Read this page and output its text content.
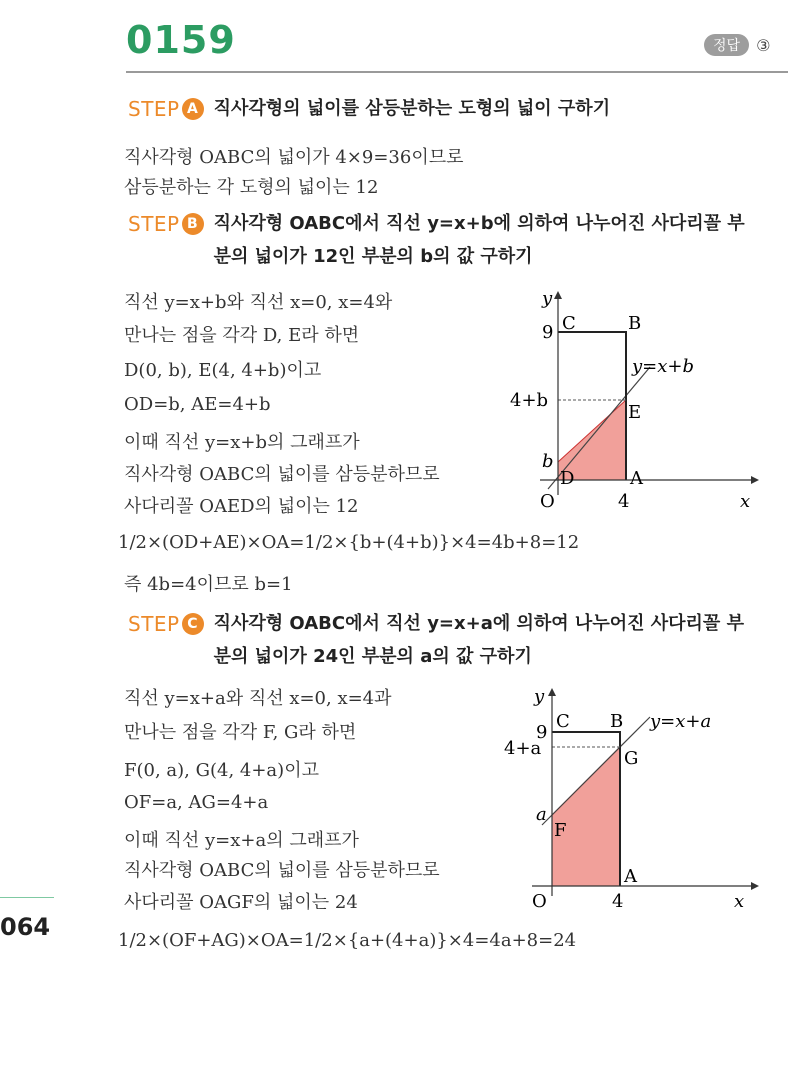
0159	정답	③
STEP A 직사각형의 넓이를 삼등분하는 도형의 넓이 구하기
직사각형 OABC의 넓이가 4×9=36이므로
삼등분하는 각 도형의 넓이는 12
STEP B 직사각형 OABC에서 직선 y=x+b에 의하여 나누어진 사다리꼴 부분의 넓이가 12인 부분의 b의 값 구하기
직선 y=x+b와 직선 x=0, x=4와
만나는 점을 각각 D, E라 하면
D(0, b), E(4, 4+b)이고
OD=b, AE=4+b
이때 직선 y=x+b의 그래프가
직사각형 OABC의 넓이를 삼등분하므로
사다리꼴 OAED의 넓이는 12
1/2×(OD+AE)×OA=1/2×{b+(4+b)}×4=4b+8=12
즉 4b=4이므로 b=1
y
x
O	4
9
4+b
b
C	B
E
D	A
y=x+b
STEP C 직사각형 OABC에서 직선 y=x+a에 의하여 나누어진 사다리꼴 부분의 넓이가 24인 부분의 a의 값 구하기
직선 y=x+a와 직선 x=0, x=4과
만나는 점을 각각 F, G라 하면
F(0, a), G(4, 4+a)이고
OF=a, AG=4+a
이때 직선 y=x+a의 그래프가
직사각형 OABC의 넓이를 삼등분하므로
사다리꼴 OAGF의 넓이는 24
1/2×(OF+AG)×OA=1/2×{a+(4+a)}×4=4a+8=24
y
x
O	4
9
4+a
a
C B
G
F
A
y=x+a
064
